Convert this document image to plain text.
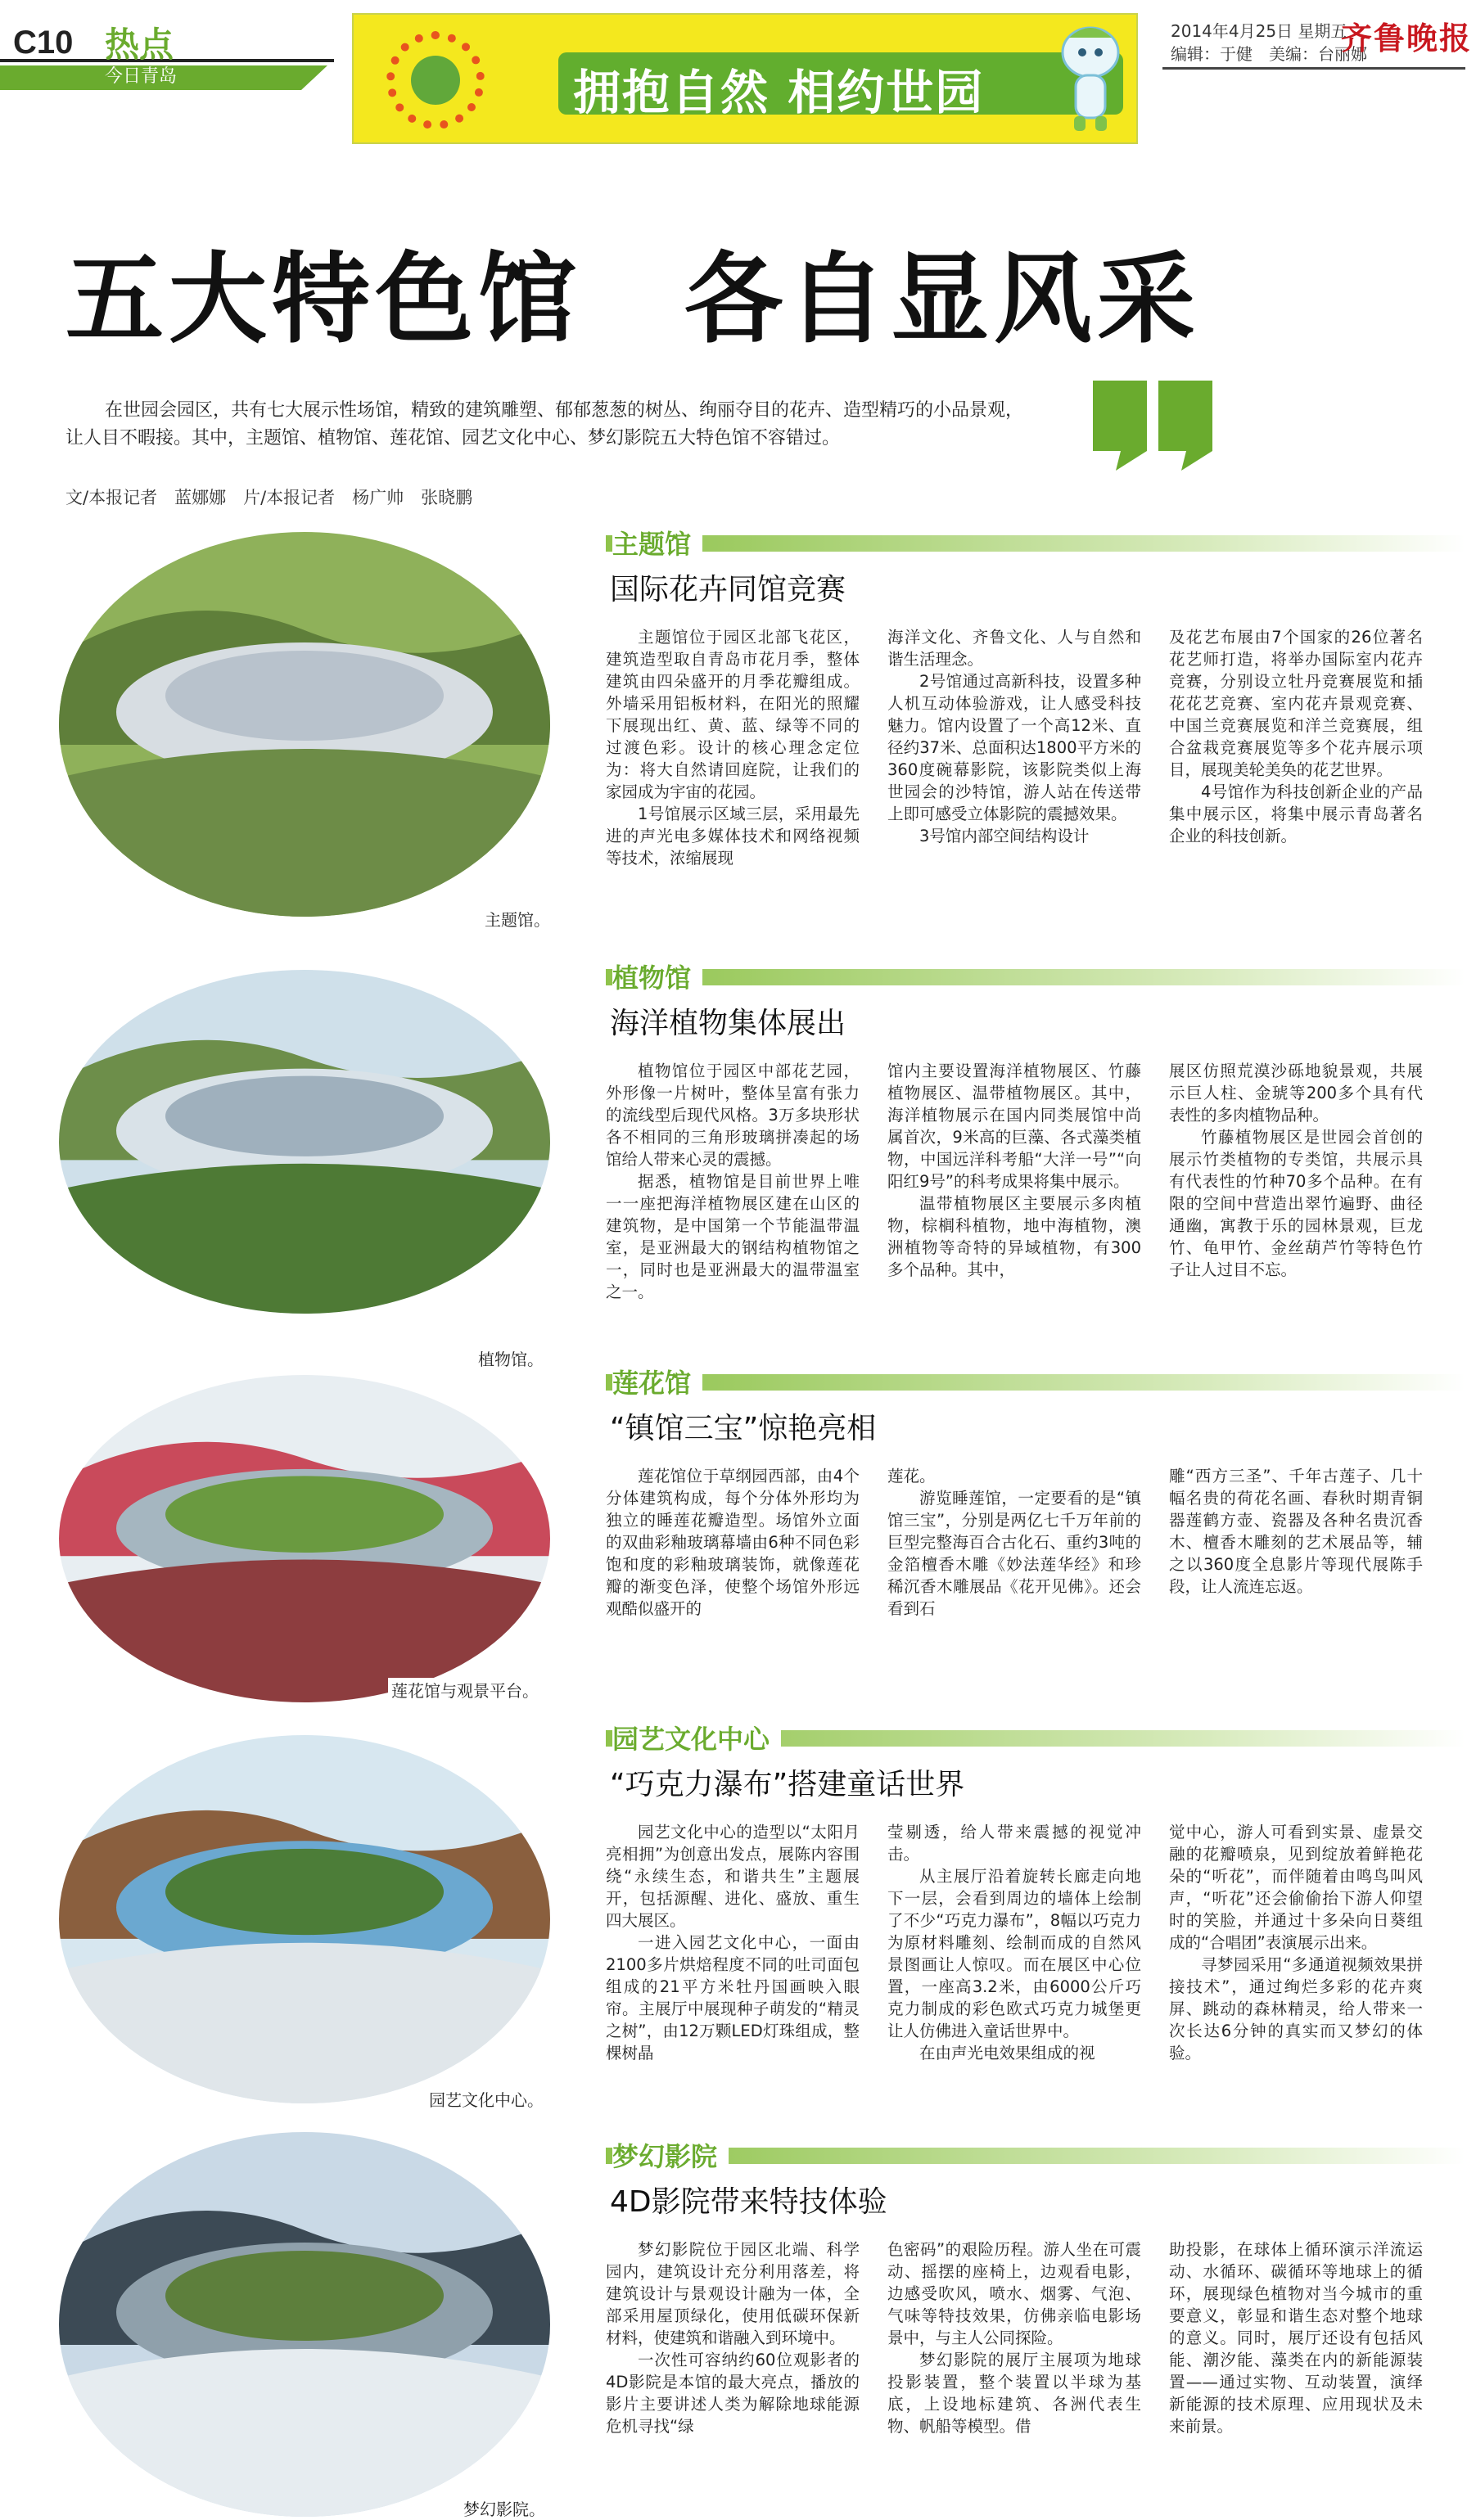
C10 热点
今日青岛	拥抱自然 相约世园
2014年4月25日 星期五
编辑：于健　美编：台丽娜
齐鲁晚报
五大特色馆　各自显风采
在世园会园区，共有七大展示性场馆，精致的建筑雕塑、郁郁葱葱的树丛、绚丽夺目的花卉、造型精巧的小品景观，让人目不暇接。其中，主题馆、植物馆、莲花馆、园艺文化中心、梦幻影院五大特色馆不容错过。
文/本报记者　蓝娜娜　片/本报记者　杨广帅　张晓鹏
主题馆
国际花卉同馆竞赛

主题馆位于园区北部飞花区，建筑造型取自青岛市花月季，整体建筑由四朵盛开的月季花瓣组成。外墙采用铝板材料，在阳光的照耀下展现出红、黄、蓝、绿等不同的过渡色彩。设计的核心理念定位为：将大自然请回庭院，让我们的家园成为宇宙的花园。

1号馆展示区域三层，采用最先进的声光电多媒体技术和网络视频等技术，浓缩展现

海洋文化、齐鲁文化、人与自然和谐生活理念。

2号馆通过高新科技，设置多种人机互动体验游戏，让人感受科技魅力。馆内设置了一个高12米、直径约37米、总面积达1800平方米的360度碗幕影院，该影院类似上海世园会的沙特馆，游人站在传送带上即可感受立体影院的震撼效果。

3号馆内部空间结构设计

及花艺布展由7个国家的26位著名花艺师打造，将举办国际室内花卉竞赛，分别设立牡丹竞赛展览和插花花艺竞赛、室内花卉景观竞赛、中国兰竞赛展览和洋兰竞赛展，组合盆栽竞赛展览等多个花卉展示项目，展现美轮美奂的花艺世界。

4号馆作为科技创新企业的产品集中展示区，将集中展示青岛著名企业的科技创新。

主题馆。
植物馆
海洋植物集体展出

植物馆位于园区中部花艺园，外形像一片树叶，整体呈富有张力的流线型后现代风格。3万多块形状各不相同的三角形玻璃拼凑起的场馆给人带来心灵的震撼。

据悉，植物馆是目前世界上唯一一座把海洋植物展区建在山区的建筑物，是中国第一个节能温带温室，是亚洲最大的钢结构植物馆之一，同时也是亚洲最大的温带温室之一。

馆内主要设置海洋植物展区、竹藤植物展区、温带植物展区。其中，海洋植物展示在国内同类展馆中尚属首次，9米高的巨藻、各式藻类植物，中国远洋科考船“大洋一号”“向阳红9号”的科考成果将集中展示。

温带植物展区主要展示多肉植物，棕榈科植物，地中海植物，澳洲植物等奇特的异域植物，有300多个品种。其中，

展区仿照荒漠沙砾地貌景观，共展示巨人柱、金琥等200多个具有代表性的多肉植物品种。

竹藤植物展区是世园会首创的展示竹类植物的专类馆，共展示具有代表性的竹种70多个品种。在有限的空间中营造出翠竹遍野、曲径通幽，寓教于乐的园林景观，巨龙竹、龟甲竹、金丝葫芦竹等特色竹子让人过目不忘。

植物馆。
莲花馆
“镇馆三宝”惊艳亮相

莲花馆位于草纲园西部，由4个分体建筑构成，每个分体外形均为独立的睡莲花瓣造型。场馆外立面的双曲彩釉玻璃幕墙由6种不同色彩饱和度的彩釉玻璃装饰，就像莲花瓣的渐变色泽，使整个场馆外形远观酷似盛开的

莲花。

游览睡莲馆，一定要看的是“镇馆三宝”，分别是两亿七千万年前的巨型完整海百合古化石、重约3吨的金箔檀香木雕《妙法莲华经》和珍稀沉香木雕展品《花开见佛》。还会看到石

雕“西方三圣”、千年古莲子、几十幅名贵的荷花名画、春秋时期青铜器莲鹤方壶、瓷器及各种名贵沉香木、檀香木雕刻的艺术展品等，辅之以360度全息影片等现代展陈手段，让人流连忘返。

莲花馆与观景平台。
园艺文化中心
“巧克力瀑布”搭建童话世界

园艺文化中心的造型以“太阳月亮相拥”为创意出发点，展陈内容围绕“永续生态，和谐共生”主题展开，包括源醒、进化、盛放、重生四大展区。

一进入园艺文化中心，一面由2100多片烘焙程度不同的吐司面包组成的21平方米牡丹国画映入眼帘。主展厅中展现种子萌发的“精灵之树”，由12万颗LED灯珠组成，整棵树晶

莹剔透，给人带来震撼的视觉冲击。

从主展厅沿着旋转长廊走向地下一层，会看到周边的墙体上绘制了不少“巧克力瀑布”，8幅以巧克力为原材料雕刻、绘制而成的自然风景图画让人惊叹。而在展区中心位置，一座高3.2米，由6000公斤巧克力制成的彩色欧式巧克力城堡更让人仿佛进入童话世界中。

在由声光电效果组成的视

觉中心，游人可看到实景、虚景交融的花瓣喷泉，见到绽放着鲜艳花朵的“听花”，而伴随着由鸣鸟叫风声，“听花”还会偷偷抬下游人仰望时的笑脸，并通过十多朵向日葵组成的“合唱团”表演展示出来。

寻梦园采用“多通道视频效果拼接技术”，通过绚烂多彩的花卉爽屏、跳动的森林精灵，给人带来一次长达6分钟的真实而又梦幻的体验。

园艺文化中心。
梦幻影院
4D影院带来特技体验

梦幻影院位于园区北端、科学园内，建筑设计充分利用落差，将建筑设计与景观设计融为一体，全部采用屋顶绿化，使用低碳环保新材料，使建筑和谐融入到环境中。

一次性可容纳约60位观影者的4D影院是本馆的最大亮点，播放的影片主要讲述人类为解除地球能源危机寻找“绿

色密码”的艰险历程。游人坐在可震动、摇摆的座椅上，边观看电影，边感受吹风，喷水、烟雾、气泡、气味等特技效果，仿佛亲临电影场景中，与主人公同探险。

梦幻影院的展厅主展项为地球投影装置，整个装置以半球为基底，上设地标建筑、各洲代表生物、帆船等模型。借

助投影，在球体上循环演示洋流运动、水循环、碳循环等地球上的循环，展现绿色植物对当今城市的重要意义，彰显和谐生态对整个地球的意义。同时，展厅还设有包括风能、潮汐能、藻类在内的新能源装置——通过实物、互动装置，演绎新能源的技术原理、应用现状及未来前景。

梦幻影院。
